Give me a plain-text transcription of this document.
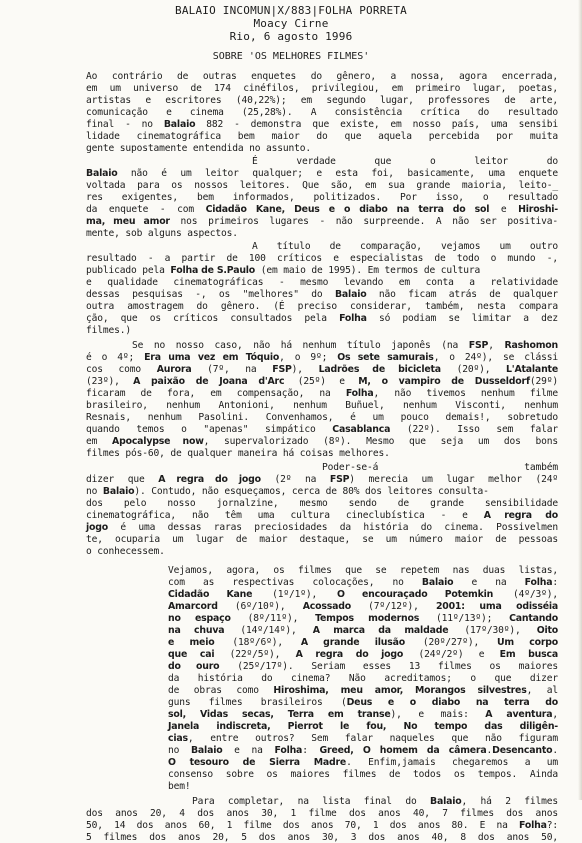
BALAIO INCOMUN|X/883|FOLHA PORRETA
Moacy Cirne
Rio, 6 agosto 1996
SOBRE 'OS MELHORES FILMES'
Ao contrário de outras enquetes do gênero, a nossa, agora encerrada,
em um universo de 174 cinéfilos, privilegiou, em primeiro lugar, poetas,
artistas e escritores (40,22%); em segundo lugar, professores de arte,
comunicação e cinema (25,28%). A consistência crítica do resultado
final - no Balaio 882 - demonstra que existe, em nosso país, uma sensibi
lidade cinematográfica bem maior do que aquela percebida por muita
gente supostamente entendida no assunto.
É verdade que o leitor do
Balaio não é um leitor qualquer; e esta foi, basicamente, uma enquete
voltada para os nossos leitores. Que são, em sua grande maioria, leito-_
res exigentes, bem informados, politizados. Por isso, o resultado
da enquete - com Cidadão Kane, Deus e o diabo na terra do sol e Hiroshi-
ma, meu amor nos primeiros lugares - não surpreende. A não ser positiva-
mente, sob alguns aspectos.
A título de comparação, vejamos um outro
resultado - a partir de 100 críticos e especialistas de todo o mundo -,
publicado pela Folha de S.Paulo (em maio de 1995). Em termos de cultura
e qualidade cinematográficas - mesmo levando em conta a relatividade
dessas pesquisas -, os "melhores" do Balaio não ficam atrás de qualquer
outra amostragem do gênero. (É preciso considerar, também, nesta compara
ção, que os críticos consultados pela Folha só podiam se limitar a dez
filmes.)
Se no nosso caso, não há nenhum título japonês (na FSP, Rashomon
é o 4º; Era uma vez em Tóquio, o 9º; Os sete samurais, o 24º), se clássi
cos como Aurora (7º, na FSP), Ladrões de bicicleta (20º), L'Atalante
(23º), A paixão de Joana d'Arc (25º) e M, o vampiro de Dusseldorf(29º)
ficaram de fora, em compensação, na Folha, não tivemos nenhum filme
brasileiro, nenhum Antonioni, nenhum Buñuel, nenhum Visconti, nenhum
Resnais, nenhum Pasolini. Convenhamos, é um pouco demais!, sobretudo
quando temos o "apenas" simpático Casablanca (22º). Isso sem falar
em Apocalypse now, supervalorizado (8º). Mesmo que seja um dos bons
filmes pós-60, de qualquer maneira há coisas melhores.
Poder-se-á também
dizer que A regra do jogo (2º na FSP) merecia um lugar melhor (24º
no Balaio). Contudo, não esqueçamos, cerca de 80% dos leitores consulta-
dos pelo nosso jornalzine, mesmo sendo de grande sensibilidade
cinematográfica, não têm uma cultura cineclubística - e A regra do
jogo é uma dessas raras preciosidades da história do cinema. Possivelmen
te, ocuparia um lugar de maior destaque, se um número maior de pessoas
o conhecessem.
Vejamos, agora, os filmes que se repetem nas duas listas,
com as respectivas colocações, no Balaio e na Folha:
Cidadão Kane (1º/1º), O encouraçado Potemkin (4º/3º),
Amarcord (6º/10º), Acossado (7º/12º), 2001: uma odisséia
no espaço (8º/11º), Tempos modernos (11º/13º); Cantando
na chuva (14º/14º), A marca da maldade (17º/30º), Oito
e meio (18º/6º), A grande ilusão (20º/27º), Um corpo
que cai (22º/5º), A regra do jogo (24º/2º) e Em busca
do ouro (25º/17º). Seriam esses 13 filmes os maiores
da história do cinema? Não acreditamos; o que dizer
de obras como Hiroshima, meu amor, Morangos silvestres, al
guns filmes brasileiros (Deus e o diabo na terra do
sol, Vidas secas, Terra em transe), e mais: A aventura,
Janela indiscreta, Pierrot le fou, No tempo das diligên-
cias, entre outros? Sem falar naqueles que não figuram
no Balaio e na Folha: Greed, O homem da câmera.Desencanto.
O tesouro de Sierra Madre. Enfim,jamais chegaremos a um
consenso sobre os maiores filmes de todos os tempos. Ainda
bem!
Para completar, na lista final do Balaio, há 2 filmes
dos anos 20, 4 dos anos 30, 1 filme dos anos 40, 7 filmes dos anos
50, 14 dos anos 60, 1 filme dos anos 70, 1 dos anos 80. E na Folha?:
5 filmes dos anos 20, 5 dos anos 30, 3 dos anos 40, 8 dos anos 50,
